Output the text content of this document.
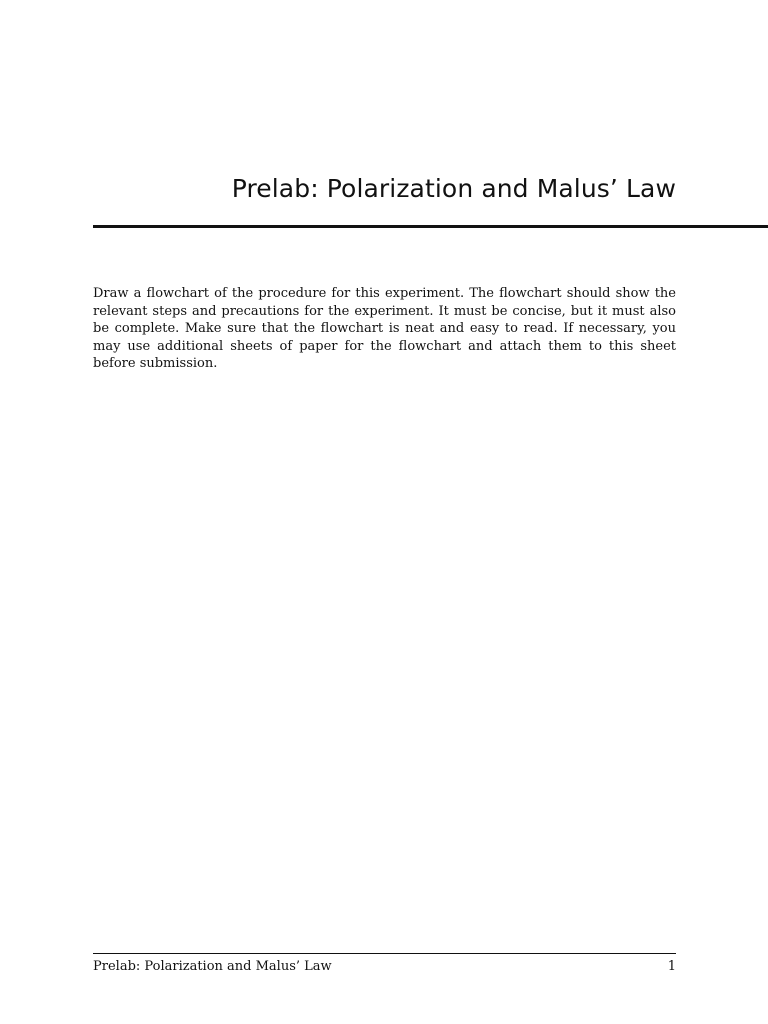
Prelab: Polarization and Malus’ Law

Draw a flowchart of the procedure for this experiment. The flowchart should show the relevant steps and precautions for the experiment. It must be concise, but it must also be complete. Make sure that the flowchart is neat and easy to read. If necessary, you may use additional sheets of paper for the flowchart and attach them to this sheet before submission.

Prelab: Polarization and Malus’ Law	1
